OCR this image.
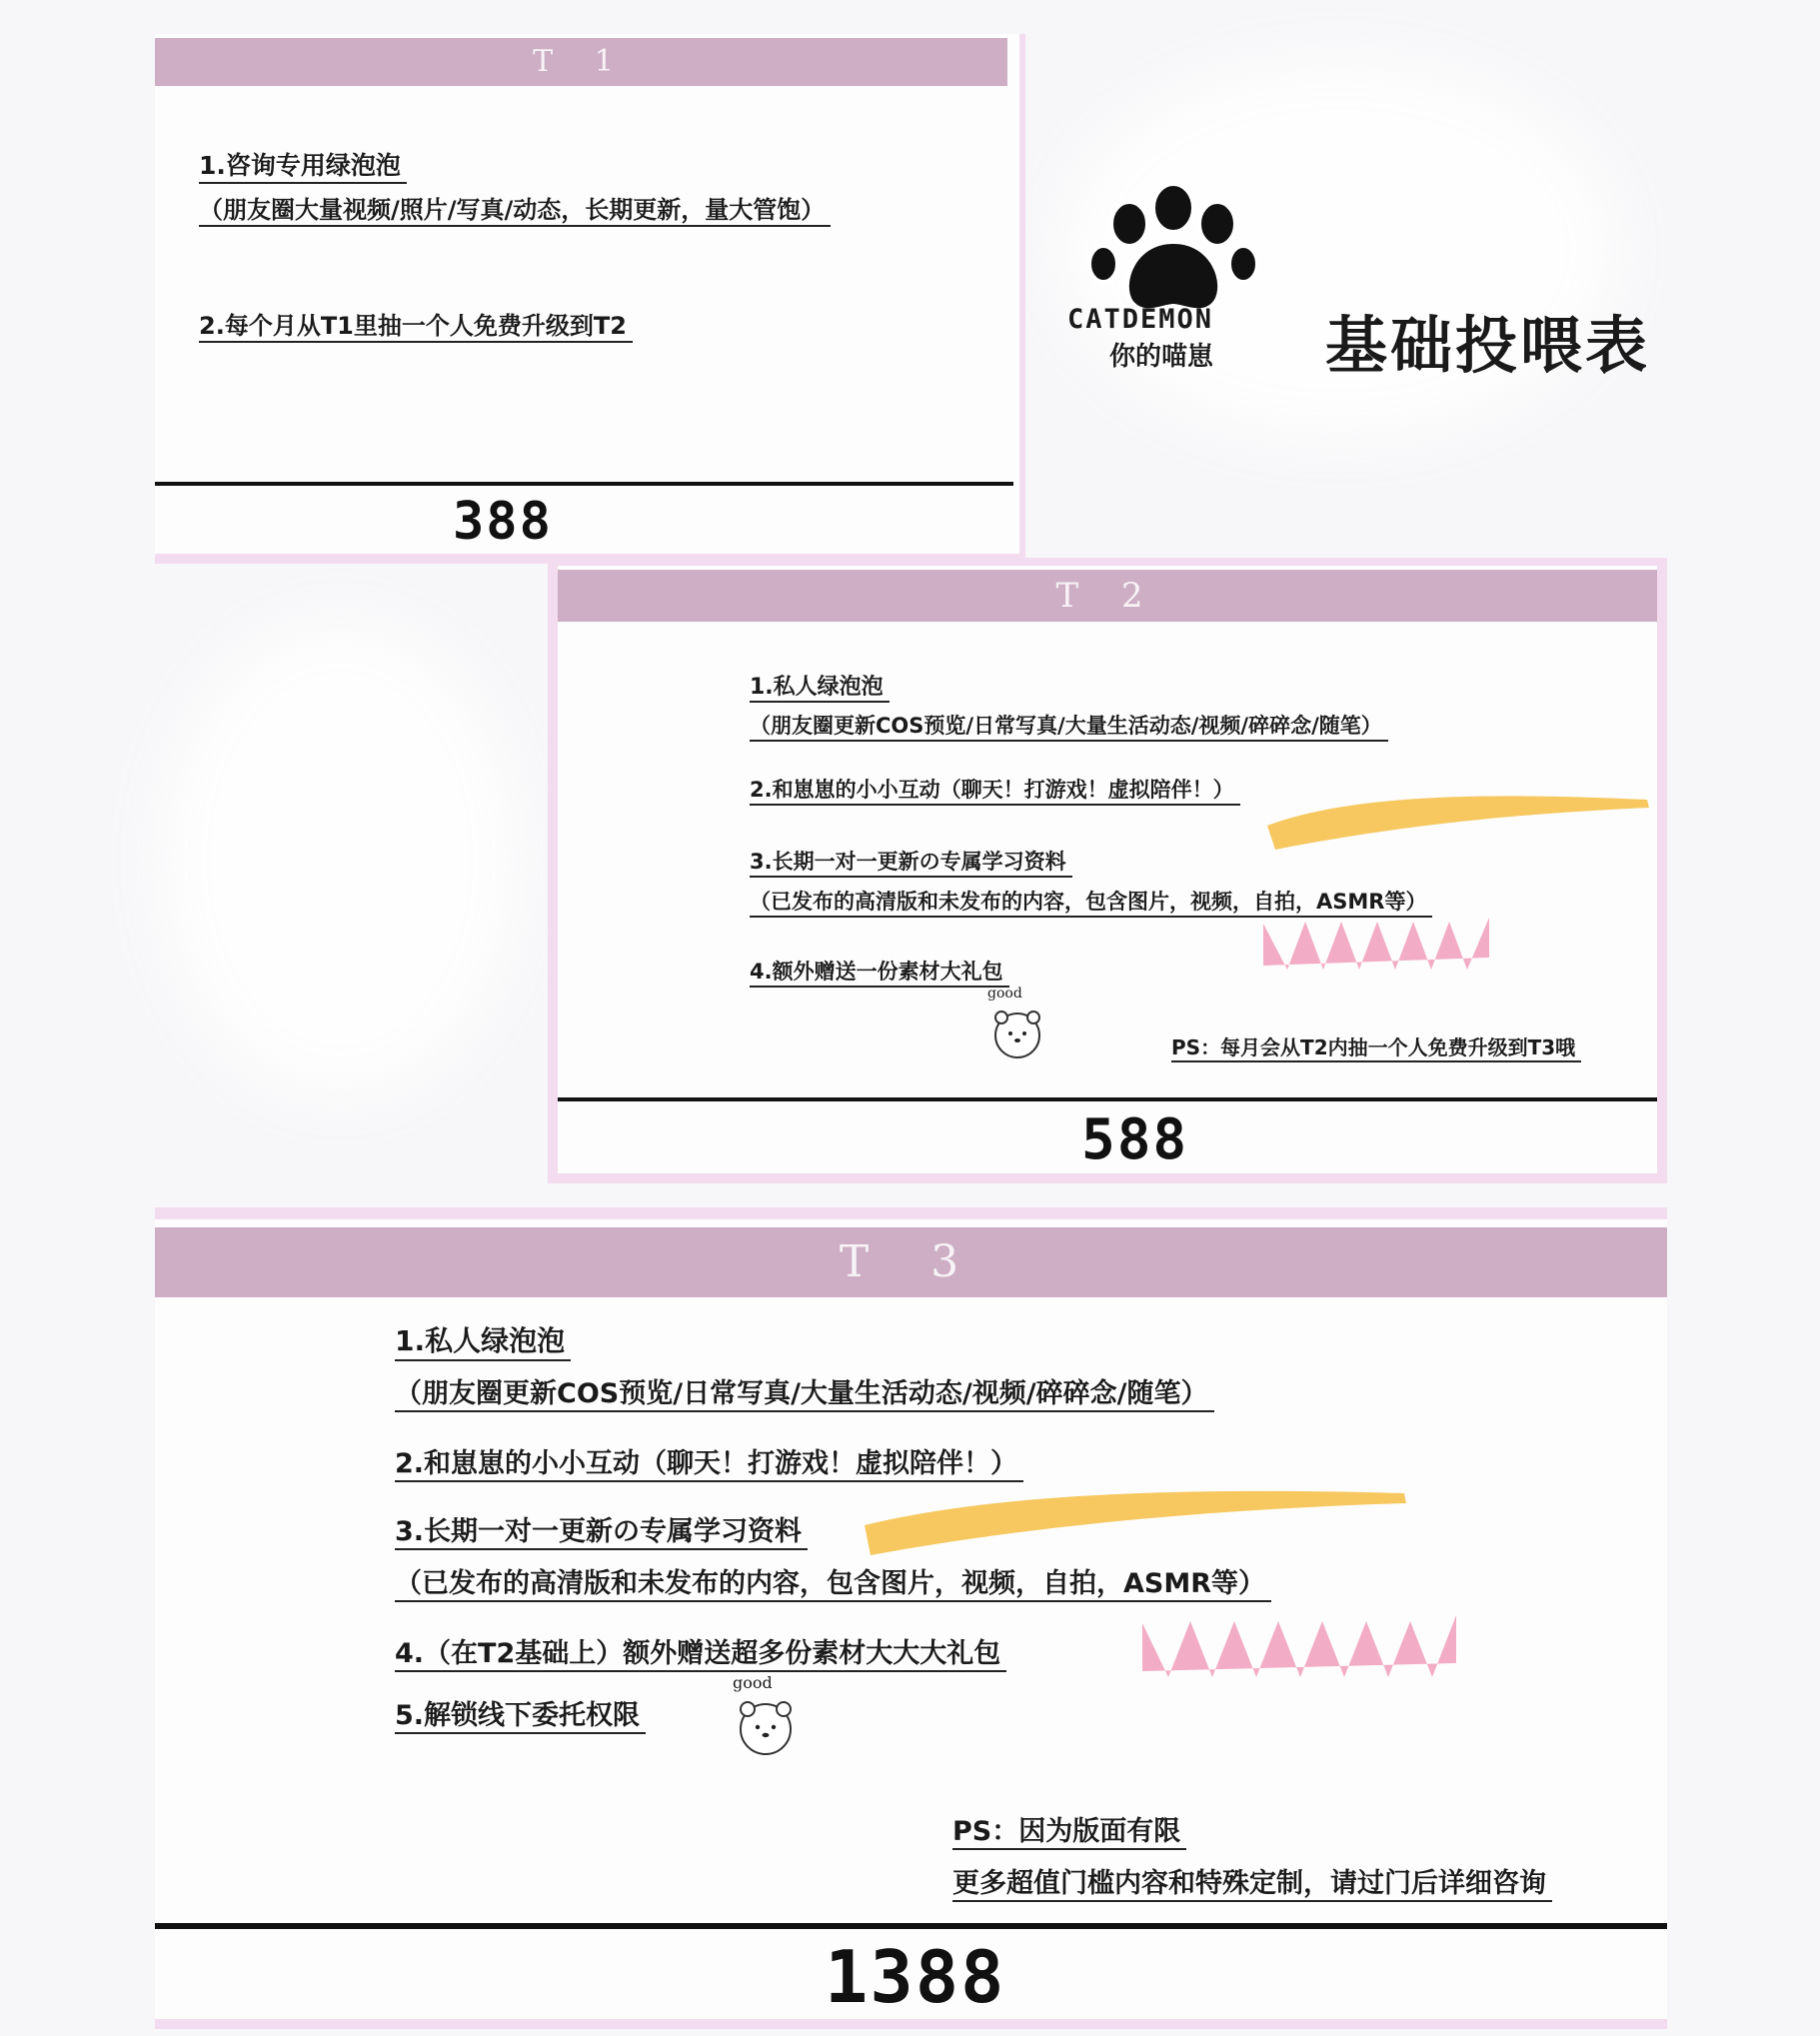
T 1
1.咨询专用绿泡泡
（朋友圈大量视频/照片/写真/动态，长期更新，量大管饱）
2.每个月从T1里抽一个人免费升级到T2
388
CATDEMON
你的喵崽 基础投喂表
T 2
1.私人绿泡泡
（朋友圈更新COS预览/日常写真/大量生活动态/视频/碎碎念/随笔）
2.和崽崽的小小互动（聊天！打游戏！虚拟陪伴！）
3.长期一对一更新の专属学习资料
（已发布的高清版和未发布的内容，包含图片，视频，自拍，ASMR等）
4.额外赠送一份素材大礼包
good
PS：每月会从T2内抽一个人免费升级到T3哦
588
T 3
1.私人绿泡泡
（朋友圈更新COS预览/日常写真/大量生活动态/视频/碎碎念/随笔）
2.和崽崽的小小互动（聊天！打游戏！虚拟陪伴！）
3.长期一对一更新の专属学习资料
（已发布的高清版和未发布的内容，包含图片，视频，自拍，ASMR等）
4.（在T2基础上）额外赠送超多份素材大大大礼包
5.解锁线下委托权限
good
PS：因为版面有限
更多超值门槛内容和特殊定制，请过门后详细咨询
1388
